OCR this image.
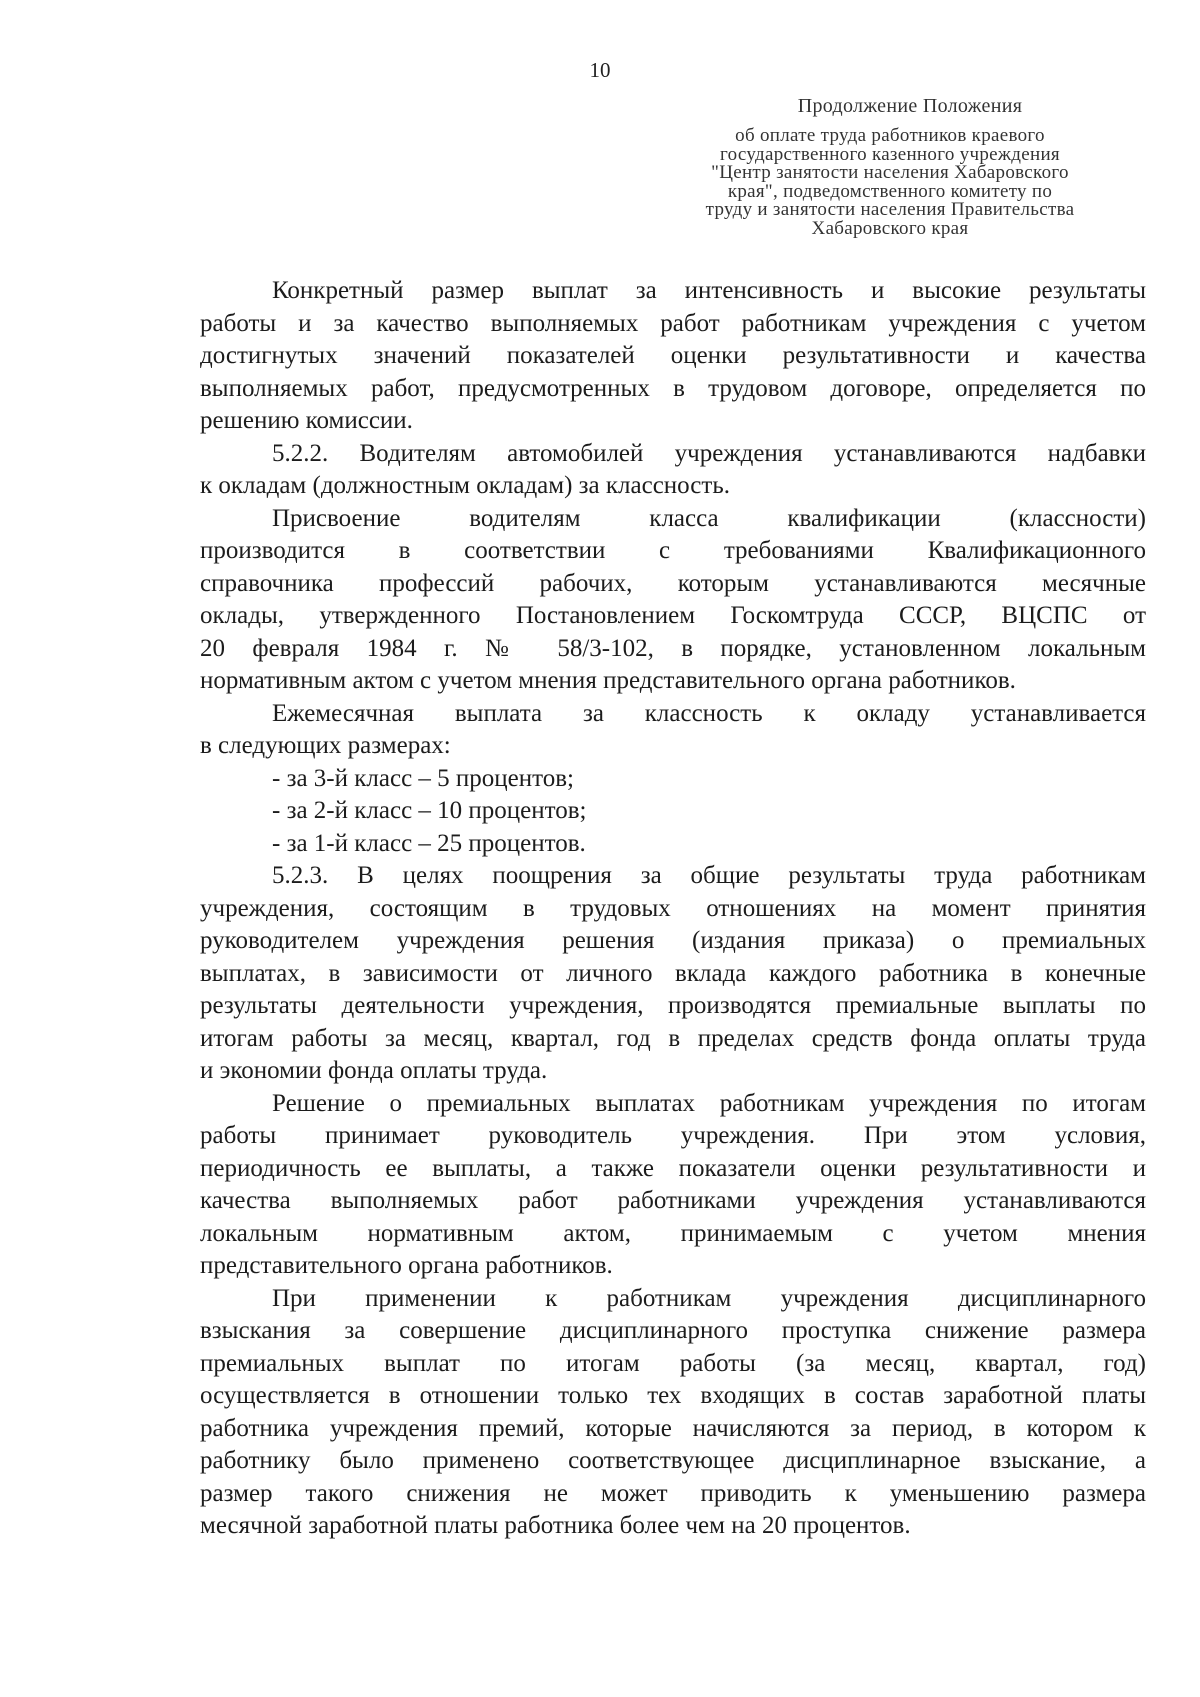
10
Продолжение Положения
об оплате труда работников краевого
государственного казенного учреждения
"Центр занятости населения Хабаровского
края", подведомственного комитету по
труду и занятости населения Правительства
Хабаровского края
Конкретный размер выплат за интенсивность и высокие результаты
работы и за качество выполняемых работ работникам учреждения с учетом
достигнутых значений показателей оценки результативности и качества
выполняемых работ, предусмотренных в трудовом договоре, определяется по
решению комиссии.
5.2.2. Водителям автомобилей учреждения устанавливаются надбавки
к окладам (должностным окладам) за классность.
Присвоение водителям класса квалификации (классности)
производится в соответствии с требованиями Квалификационного
справочника профессий рабочих, которым устанавливаются месячные
оклады, утвержденного Постановлением Госкомтруда СССР, ВЦСПС от
20 февраля 1984 г. № 58/3-102, в порядке, установленном локальным
нормативным актом с учетом мнения представительного органа работников.
Ежемесячная выплата за классность к окладу устанавливается
в следующих размерах:
- за 3-й класс – 5 процентов;
- за 2-й класс – 10 процентов;
- за 1-й класс – 25 процентов.
5.2.3. В целях поощрения за общие результаты труда работникам
учреждения, состоящим в трудовых отношениях на момент принятия
руководителем учреждения решения (издания приказа) о премиальных
выплатах, в зависимости от личного вклада каждого работника в конечные
результаты деятельности учреждения, производятся премиальные выплаты по
итогам работы за месяц, квартал, год в пределах средств фонда оплаты труда
и экономии фонда оплаты труда.
Решение о премиальных выплатах работникам учреждения по итогам
работы принимает руководитель учреждения. При этом условия,
периодичность ее выплаты, а также показатели оценки результативности и
качества выполняемых работ работниками учреждения устанавливаются
локальным нормативным актом, принимаемым с учетом мнения
представительного органа работников.
При применении к работникам учреждения дисциплинарного
взыскания за совершение дисциплинарного проступка снижение размера
премиальных выплат по итогам работы (за месяц, квартал, год)
осуществляется в отношении только тех входящих в состав заработной платы
работника учреждения премий, которые начисляются за период, в котором к
работнику было применено соответствующее дисциплинарное взыскание, а
размер такого снижения не может приводить к уменьшению размера
месячной заработной платы работника более чем на 20 процентов.
